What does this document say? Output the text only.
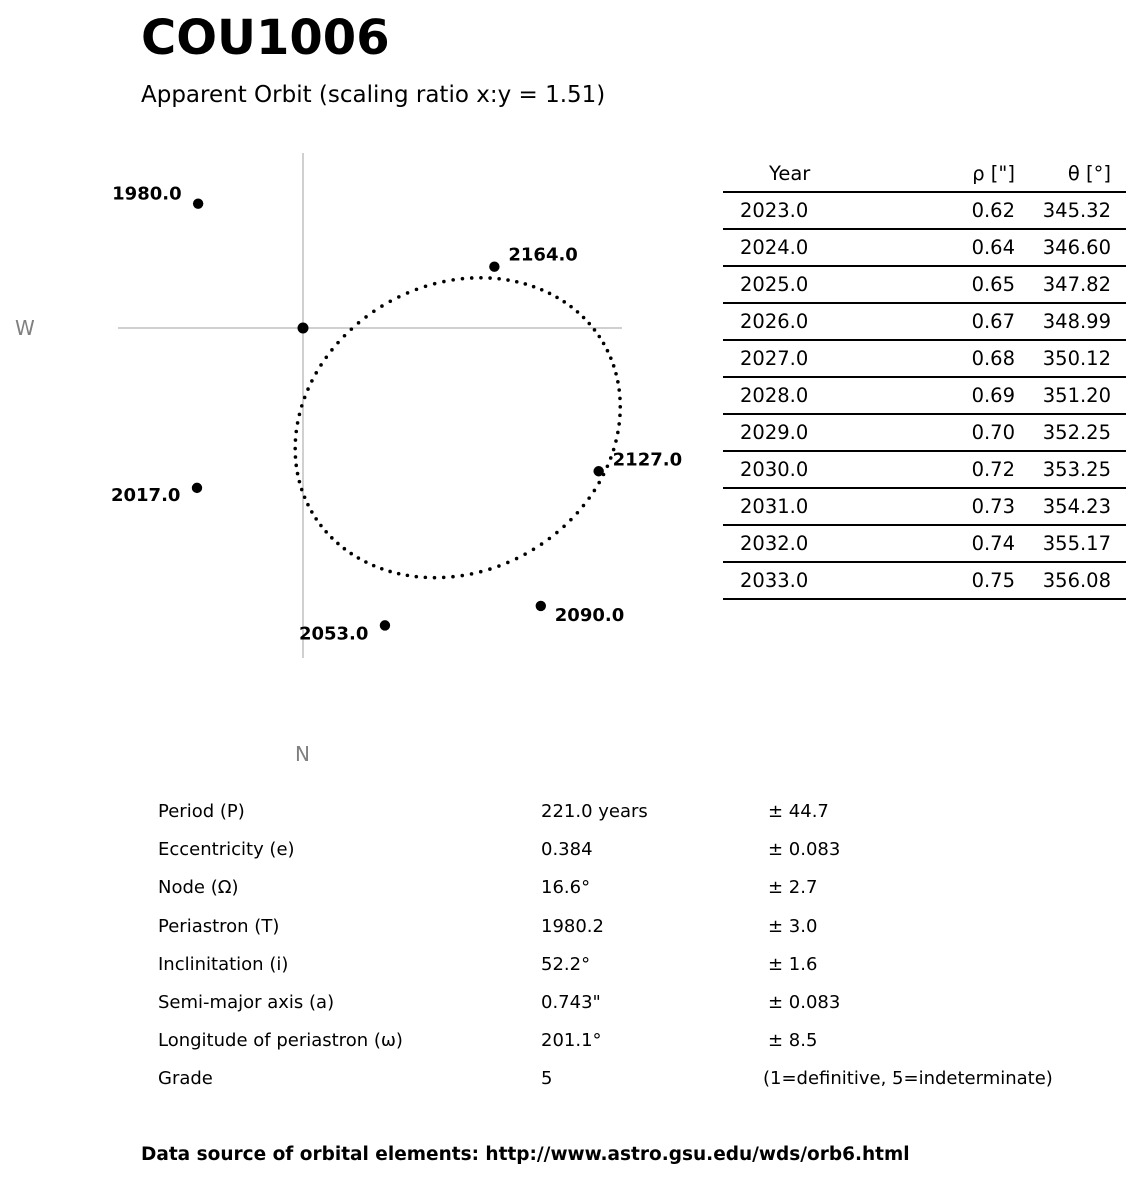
COU1006
Apparent Orbit (scaling ratio x:y = 1.51)
W
N
1980.0
2164.0
2127.0
2090.0
2053.0
2017.0
Year	ρ ["]	θ [°]
2023.0	0.62	345.32
2024.0	0.64	346.60
2025.0	0.65	347.82
2026.0	0.67	348.99
2027.0	0.68	350.12
2028.0	0.69	351.20
2029.0	0.70	352.25
2030.0	0.72	353.25
2031.0	0.73	354.23
2032.0	0.74	355.17
2033.0	0.75	356.08
Period (P)	221.0 years	± 44.7
Eccentricity (e)	0.384	± 0.083
Node (Ω)	16.6°	± 2.7
Periastron (T)	1980.2	± 3.0
Inclinitation (i)	52.2°	± 1.6
Semi-major axis (a)	0.743"	± 0.083
Longitude of periastron (ω)	201.1°	± 8.5
Grade	5	(1=definitive, 5=indeterminate)
Data source of orbital elements: http://www.astro.gsu.edu/wds/orb6.html
